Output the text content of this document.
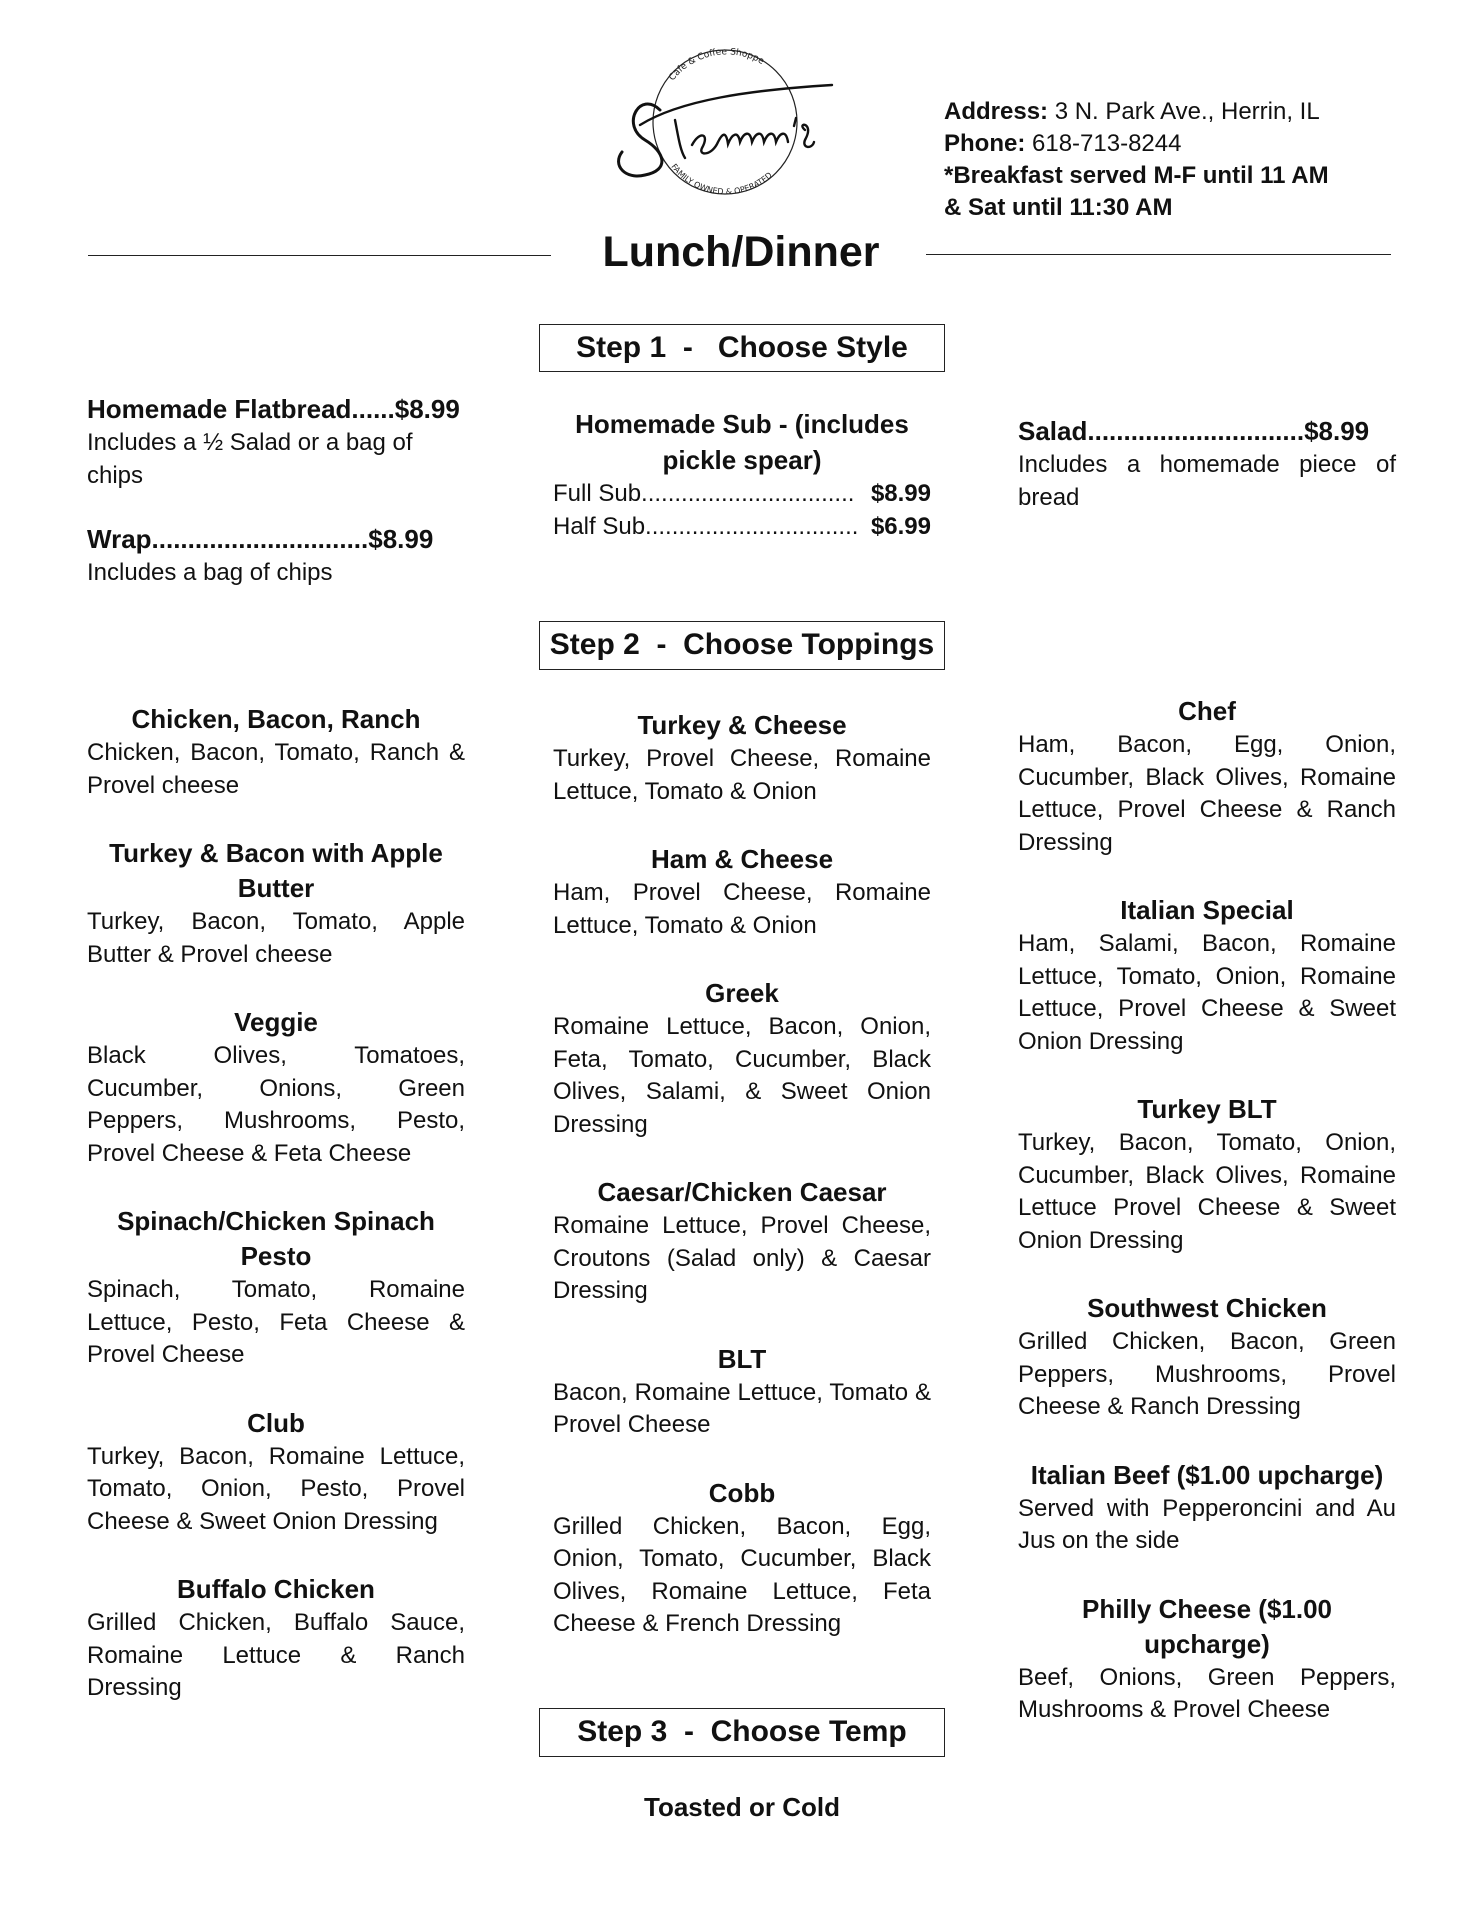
Cafe & Coffee Shoppe
FAMILY OWNED & OPERATED
Address: 3 N. Park Ave., Herrin, IL
Phone: 618-713-8244
*Breakfast served M-F until 11 AM
& Sat until 11:30 AM
Lunch/Dinner
Step 1  -   Choose Style
Homemade Flatbread......$8.99
Includes a ½ Salad or a bag of chips
Wrap..............................$8.99
Includes a bag of chips
Homemade Sub - (includes pickle spear)
Full Sub................................ $8.99
Half Sub................................ $6.99
Salad..............................$8.99
Includes a homemade piece of bread
Step 2  -  Choose Toppings
Chicken, Bacon, Ranch
Chicken, Bacon, Tomato, Ranch & Provel cheese
Turkey & Bacon with Apple Butter
Turkey, Bacon, Tomato, Apple Butter & Provel cheese
Veggie
Black Olives, Tomatoes, Cucumber, Onions, Green Peppers, Mushrooms, Pesto, Provel Cheese & Feta Cheese
Spinach/Chicken Spinach Pesto
Spinach, Tomato, Romaine Lettuce, Pesto, Feta Cheese & Provel Cheese
Club
Turkey, Bacon, Romaine Lettuce, Tomato, Onion, Pesto, Provel Cheese & Sweet Onion Dressing
Buffalo Chicken
Grilled Chicken, Buffalo Sauce, Romaine Lettuce & Ranch Dressing
Turkey & Cheese
Turkey, Provel Cheese, Romaine Lettuce, Tomato & Onion
Ham & Cheese
Ham, Provel Cheese, Romaine Lettuce, Tomato & Onion
Greek
Romaine Lettuce, Bacon, Onion, Feta, Tomato, Cucumber, Black Olives, Salami, & Sweet Onion Dressing
Caesar/Chicken Caesar
Romaine Lettuce, Provel Cheese, Croutons (Salad only) & Caesar Dressing
BLT
Bacon, Romaine Lettuce, Tomato & Provel Cheese
Cobb
Grilled Chicken, Bacon, Egg, Onion, Tomato, Cucumber, Black Olives, Romaine Lettuce, Feta Cheese & French Dressing
Chef
Ham, Bacon, Egg, Onion, Cucumber, Black Olives, Romaine Lettuce, Provel Cheese & Ranch Dressing
Italian Special
Ham, Salami, Bacon, Romaine Lettuce, Tomato, Onion, Romaine Lettuce, Provel Cheese & Sweet Onion Dressing
Turkey BLT
Turkey, Bacon, Tomato, Onion, Cucumber, Black Olives, Romaine Lettuce Provel Cheese & Sweet Onion Dressing
Southwest Chicken
Grilled Chicken, Bacon, Green Peppers, Mushrooms, Provel Cheese & Ranch Dressing
Italian Beef ($1.00 upcharge)
Served with Pepperoncini and Au Jus on the side
Philly Cheese ($1.00 upcharge)
Beef, Onions, Green Peppers, Mushrooms & Provel Cheese
Step 3  -  Choose Temp
Toasted or Cold
